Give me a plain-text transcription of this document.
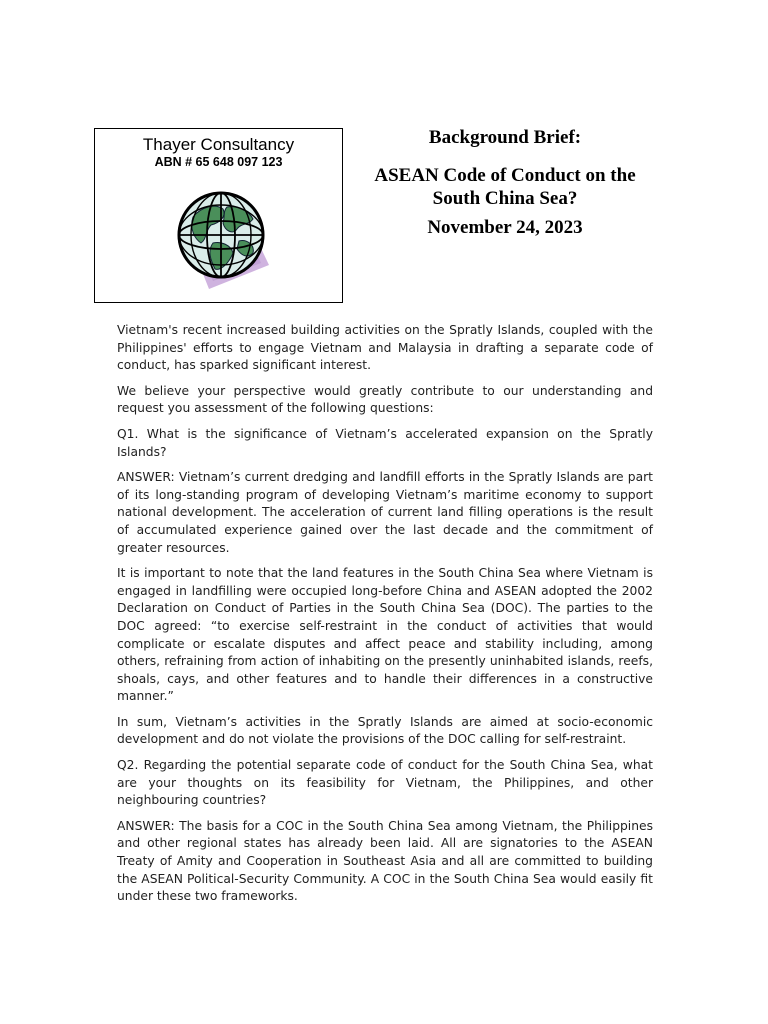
Thayer Consultancy
ABN # 65 648 097 123
Background Brief:
ASEAN Code of Conduct on the South China Sea?
November 24, 2023

Vietnam's recent increased building activities on the Spratly Islands, coupled with the Philippines' efforts to engage Vietnam and Malaysia in drafting a separate code of conduct, has sparked significant interest.

We believe your perspective would greatly contribute to our understanding and request you assessment of the following questions:

Q1. What is the significance of Vietnam’s accelerated expansion on the Spratly Islands?

ANSWER: Vietnam’s current dredging and landfill efforts in the Spratly Islands are part of its long-standing program of developing Vietnam’s maritime economy to support national development. The acceleration of current land filling operations is the result of accumulated experience gained over the last decade and the commitment of greater resources.

It is important to note that the land features in the South China Sea where Vietnam is engaged in landfilling were occupied long-before China and ASEAN adopted the 2002 Declaration on Conduct of Parties in the South China Sea (DOC). The parties to the DOC agreed: “to exercise self-restraint in the conduct of activities that would complicate or escalate disputes and affect peace and stability including, among others, refraining from action of inhabiting on the presently uninhabited islands, reefs, shoals, cays, and other features and to handle their differences in a constructive manner.”

In sum, Vietnam’s activities in the Spratly Islands are aimed at socio-economic development and do not violate the provisions of the DOC calling for self-restraint.

Q2. Regarding the potential separate code of conduct for the South China Sea, what are your thoughts on its feasibility for Vietnam, the Philippines, and other neighbouring countries?

ANSWER: The basis for a COC in the South China Sea among Vietnam, the Philippines and other regional states has already been laid. All are signatories to the ASEAN Treaty of Amity and Cooperation in Southeast Asia and all are committed to building the ASEAN Political-Security Community. A COC in the South China Sea would easily fit under these two frameworks.
